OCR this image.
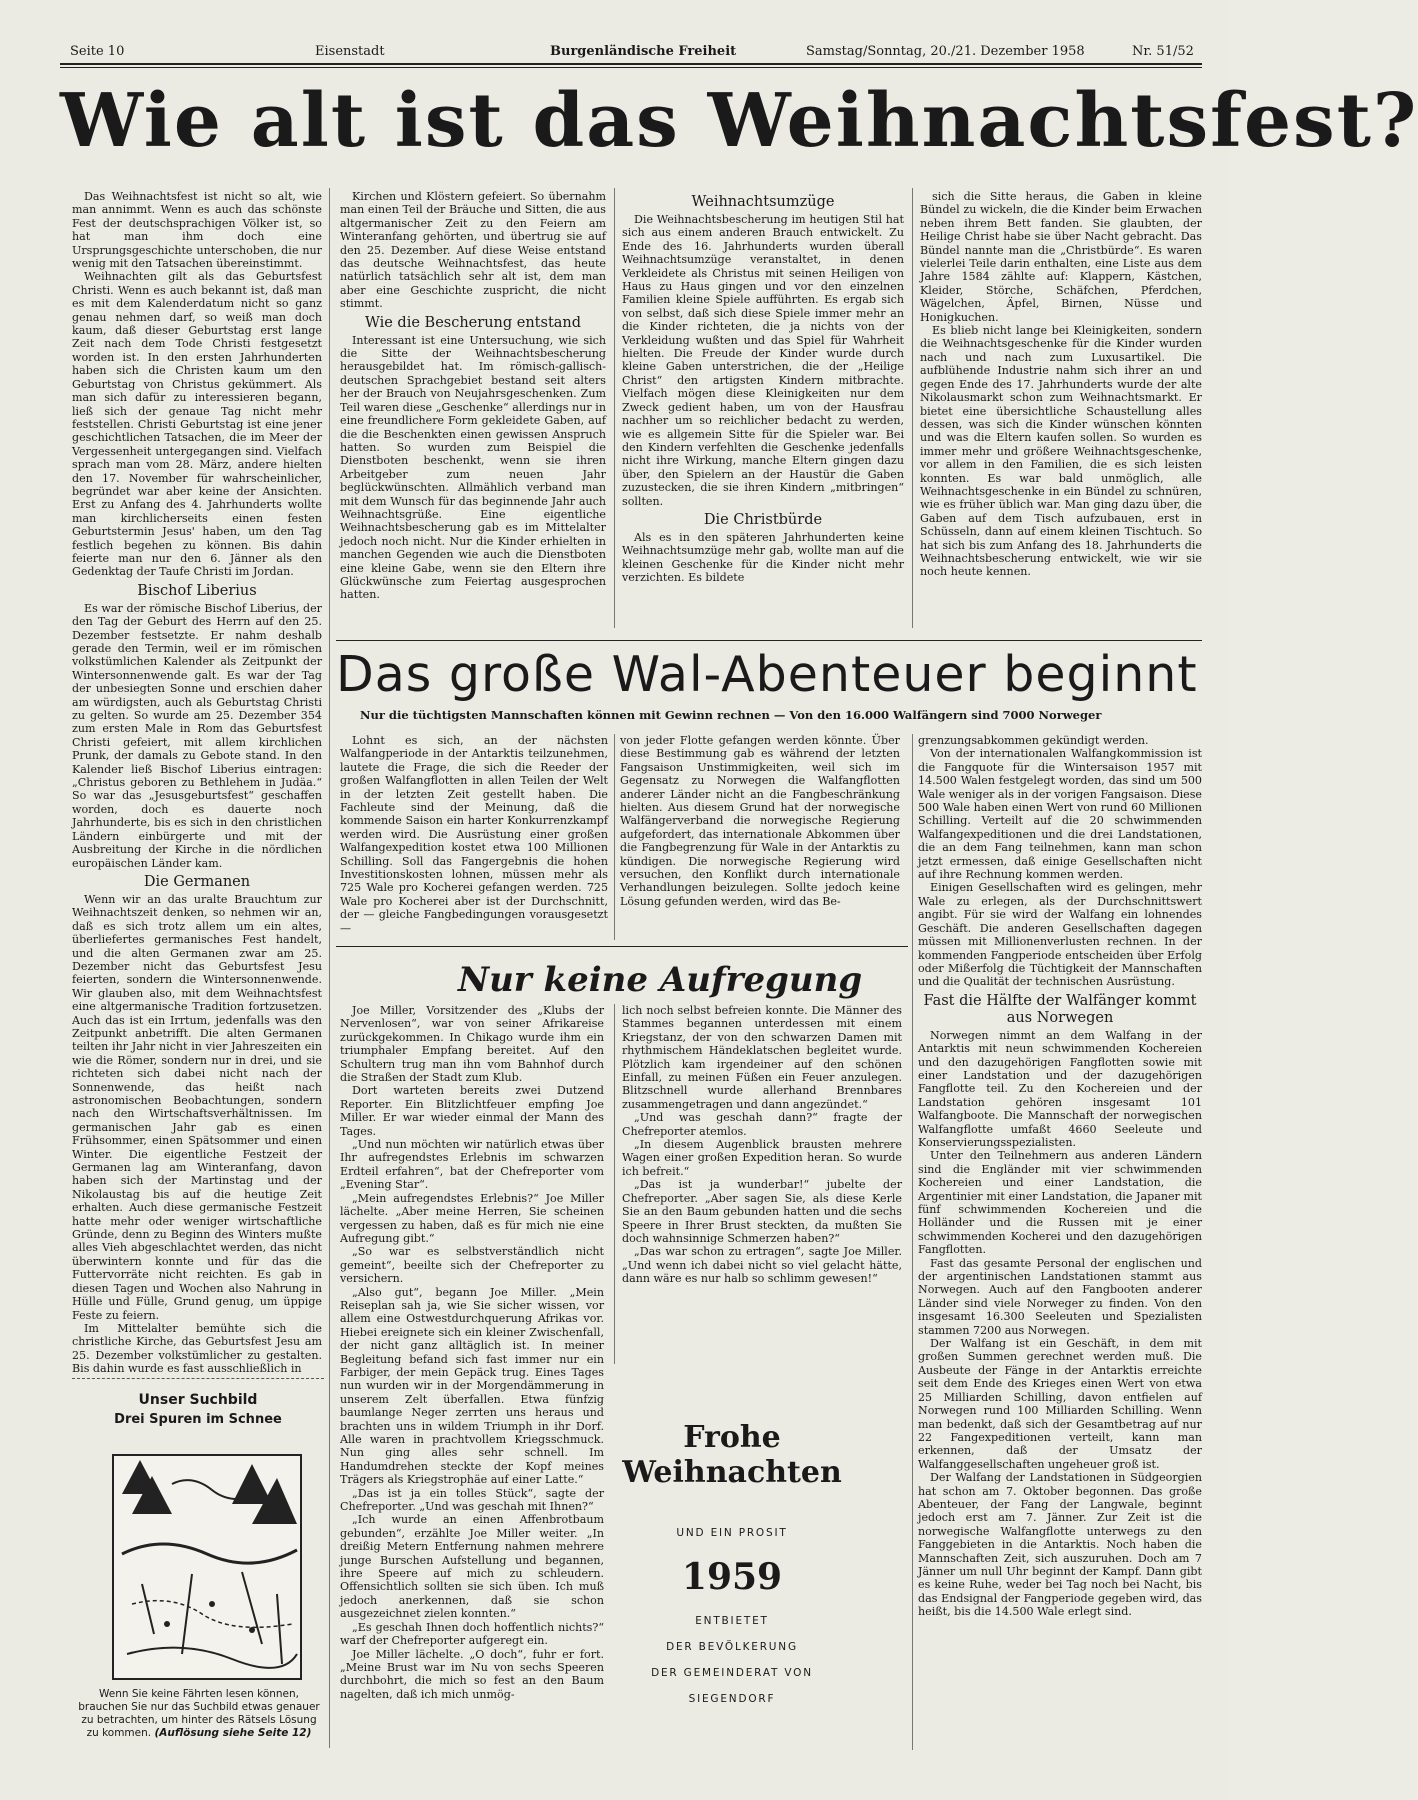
Seite 10	Eisenstadt	Burgenländische Freiheit	Samstag/Sonntag, 20./21. Dezember 1958	Nr. 51/52
Wie alt ist das Weihnachtsfest?

Das Weihnachtsfest ist nicht so alt, wie man annimmt. Wenn es auch das schönste Fest der deutschsprachigen Völker ist, so hat man ihm doch eine Ursprungsgeschichte unterschoben, die nur wenig mit den Tatsachen übereinstimmt.

Weihnachten gilt als das Geburtsfest Christi. Wenn es auch bekannt ist, daß man es mit dem Kalenderdatum nicht so ganz genau nehmen darf, so weiß man doch kaum, daß dieser Geburtstag erst lange Zeit nach dem Tode Christi festgesetzt worden ist. In den ersten Jahrhunderten haben sich die Christen kaum um den Geburtstag von Christus gekümmert. Als man sich dafür zu interessieren begann, ließ sich der genaue Tag nicht mehr feststellen. Christi Geburtstag ist eine jener geschichtlichen Tatsachen, die im Meer der Vergessenheit untergegangen sind. Vielfach sprach man vom 28. März, andere hielten den 17. November für wahrscheinlicher, begründet war aber keine der Ansichten. Erst zu Anfang des 4. Jahrhunderts wollte man kirchlicherseits einen festen Geburtstermin Jesus' haben, um den Tag festlich begehen zu können. Bis dahin feierte man nur den 6. Jänner als den Gedenktag der Taufe Christi im Jordan.

Bischof Liberius

Es war der römische Bischof Liberius, der den Tag der Geburt des Herrn auf den 25. Dezember festsetzte. Er nahm deshalb gerade den Termin, weil er im römischen volkstümlichen Kalender als Zeitpunkt der Wintersonnenwende galt. Es war der Tag der unbesiegten Sonne und erschien daher am würdigsten, auch als Geburtstag Christi zu gelten. So wurde am 25. Dezember 354 zum ersten Male in Rom das Geburtsfest Christi gefeiert, mit allem kirchlichen Prunk, der damals zu Gebote stand. In den Kalender ließ Bischof Liberius eintragen: „Christus geboren zu Bethlehem in Judäa.“ So war das „Jesusgeburtsfest“ geschaffen worden, doch es dauerte noch Jahrhunderte, bis es sich in den christlichen Ländern einbürgerte und mit der Ausbreitung der Kirche in die nördlichen europäischen Länder kam.

Die Germanen

Wenn wir an das uralte Brauchtum zur Weihnachtszeit denken, so nehmen wir an, daß es sich trotz allem um ein altes, überliefertes germanisches Fest handelt, und die alten Germanen zwar am 25. Dezember nicht das Geburtsfest Jesu feierten, sondern die Wintersonnenwende. Wir glauben also, mit dem Weihnachtsfest eine altgermanische Tradition fortzusetzen. Auch das ist ein Irrtum, jedenfalls was den Zeitpunkt anbetrifft. Die alten Germanen teilten ihr Jahr nicht in vier Jahreszeiten ein wie die Römer, sondern nur in drei, und sie richteten sich dabei nicht nach der Sonnenwende, das heißt nach astronomischen Beobachtungen, sondern nach den Wirtschaftsverhältnissen. Im germanischen Jahr gab es einen Frühsommer, einen Spätsommer und einen Winter. Die eigentliche Festzeit der Germanen lag am Winteranfang, davon haben sich der Martinstag und der Nikolaustag bis auf die heutige Zeit erhalten. Auch diese germanische Festzeit hatte mehr oder weniger wirtschaftliche Gründe, denn zu Beginn des Winters mußte alles Vieh abgeschlachtet werden, das nicht überwintern konnte und für das die Futtervorräte nicht reichten. Es gab in diesen Tagen und Wochen also Nahrung in Hülle und Fülle, Grund genug, um üppige Feste zu feiern.

Im Mittelalter bemühte sich die christliche Kirche, das Geburtsfest Jesu am 25. Dezember volkstümlicher zu gestalten. Bis dahin wurde es fast ausschließlich in

Kirchen und Klöstern gefeiert. So übernahm man einen Teil der Bräuche und Sitten, die aus altgermanischer Zeit zu den Feiern am Winteranfang gehörten, und übertrug sie auf den 25. Dezember. Auf diese Weise entstand das deutsche Weihnachtsfest, das heute natürlich tatsächlich sehr alt ist, dem man aber eine Geschichte zuspricht, die nicht stimmt.

Wie die Bescherung entstand

Interessant ist eine Untersuchung, wie sich die Sitte der Weihnachtsbescherung herausgebildet hat. Im römisch-gallisch-deutschen Sprachgebiet bestand seit alters her der Brauch von Neujahrsgeschenken. Zum Teil waren diese „Geschenke“ allerdings nur in eine freundlichere Form gekleidete Gaben, auf die die Beschenkten einen gewissen Anspruch hatten. So wurden zum Beispiel die Dienstboten beschenkt, wenn sie ihren Arbeitgeber zum neuen Jahr beglückwünschten. Allmählich verband man mit dem Wunsch für das beginnende Jahr auch Weihnachtsgrüße. Eine eigentliche Weihnachtsbescherung gab es im Mittelalter jedoch noch nicht. Nur die Kinder erhielten in manchen Gegenden wie auch die Dienstboten eine kleine Gabe, wenn sie den Eltern ihre Glückwünsche zum Feiertag ausgesprochen hatten.

Weihnachtsumzüge

Die Weihnachtsbescherung im heutigen Stil hat sich aus einem anderen Brauch entwickelt. Zu Ende des 16. Jahrhunderts wurden überall Weihnachtsumzüge veranstaltet, in denen Verkleidete als Christus mit seinen Heiligen von Haus zu Haus gingen und vor den einzelnen Familien kleine Spiele aufführten. Es ergab sich von selbst, daß sich diese Spiele immer mehr an die Kinder richteten, die ja nichts von der Verkleidung wußten und das Spiel für Wahrheit hielten. Die Freude der Kinder wurde durch kleine Gaben unterstrichen, die der „Heilige Christ“ den artigsten Kindern mitbrachte. Vielfach mögen diese Kleinigkeiten nur dem Zweck gedient haben, um von der Hausfrau nachher um so reichlicher bedacht zu werden, wie es allgemein Sitte für die Spieler war. Bei den Kindern verfehlten die Geschenke jedenfalls nicht ihre Wirkung, manche Eltern gingen dazu über, den Spielern an der Haustür die Gaben zuzustecken, die sie ihren Kindern „mitbringen“ sollten.

Die Christbürde

Als es in den späteren Jahrhunderten keine Weihnachtsumzüge mehr gab, wollte man auf die kleinen Geschenke für die Kinder nicht mehr verzichten. Es bildete

sich die Sitte heraus, die Gaben in kleine Bündel zu wickeln, die die Kinder beim Erwachen neben ihrem Bett fanden. Sie glaubten, der Heilige Christ habe sie über Nacht gebracht. Das Bündel nannte man die „Christbürde“. Es waren vielerlei Teile darin enthalten, eine Liste aus dem Jahre 1584 zählte auf: Klappern, Kästchen, Kleider, Störche, Schäfchen, Pferdchen, Wägelchen, Äpfel, Birnen, Nüsse und Honigkuchen.

Es blieb nicht lange bei Kleinigkeiten, sondern die Weihnachtsgeschenke für die Kinder wurden nach und nach zum Luxusartikel. Die aufblühende Industrie nahm sich ihrer an und gegen Ende des 17. Jahrhunderts wurde der alte Nikolausmarkt schon zum Weihnachtsmarkt. Er bietet eine übersichtliche Schaustellung alles dessen, was sich die Kinder wünschen könnten und was die Eltern kaufen sollen. So wurden es immer mehr und größere Weihnachtsgeschenke, vor allem in den Familien, die es sich leisten konnten. Es war bald unmöglich, alle Weihnachtsgeschenke in ein Bündel zu schnüren, wie es früher üblich war. Man ging dazu über, die Gaben auf dem Tisch aufzubauen, erst in Schüsseln, dann auf einem kleinen Tischtuch. So hat sich bis zum Anfang des 18. Jahrhunderts die Weihnachtsbescherung entwickelt, wie wir sie noch heute kennen.

Das große Wal-Abenteuer beginnt
Nur die tüchtigsten Mannschaften können mit Gewinn rechnen — Von den 16.000 Walfängern sind 7000 Norweger

Lohnt es sich, an der nächsten Walfangperiode in der Antarktis teilzunehmen, lautete die Frage, die sich die Reeder der großen Walfangflotten in allen Teilen der Welt in der letzten Zeit gestellt haben. Die Fachleute sind der Meinung, daß die kommende Saison ein harter Konkurrenzkampf werden wird. Die Ausrüstung einer großen Walfangexpedition kostet etwa 100 Millionen Schilling. Soll das Fangergebnis die hohen Investitionskosten lohnen, müssen mehr als 725 Wale pro Kocherei gefangen werden. 725 Wale pro Kocherei aber ist der Durchschnitt, der — gleiche Fangbedingungen vorausgesetzt —

von jeder Flotte gefangen werden könnte. Über diese Bestimmung gab es während der letzten Fangsaison Unstimmigkeiten, weil sich im Gegensatz zu Norwegen die Walfangflotten anderer Länder nicht an die Fangbeschränkung hielten. Aus diesem Grund hat der norwegische Walfängerverband die norwegische Regierung aufgefordert, das internationale Abkommen über die Fangbegrenzung für Wale in der Antarktis zu kündigen. Die norwegische Regierung wird versuchen, den Konflikt durch internationale Verhandlungen beizulegen. Sollte jedoch keine Lösung gefunden werden, wird das Be-

grenzungsabkommen gekündigt werden.

Von der internationalen Walfangkommission ist die Fangquote für die Wintersaison 1957 mit 14.500 Walen festgelegt worden, das sind um 500 Wale weniger als in der vorigen Fangsaison. Diese 500 Wale haben einen Wert von rund 60 Millionen Schilling. Verteilt auf die 20 schwimmenden Walfangexpeditionen und die drei Landstationen, die an dem Fang teilnehmen, kann man schon jetzt ermessen, daß einige Gesellschaften nicht auf ihre Rechnung kommen werden.

Einigen Gesellschaften wird es gelingen, mehr Wale zu erlegen, als der Durchschnittswert angibt. Für sie wird der Walfang ein lohnendes Geschäft. Die anderen Gesellschaften dagegen müssen mit Millionenverlusten rechnen. In der kommenden Fangperiode entscheiden über Erfolg oder Mißerfolg die Tüchtigkeit der Mannschaften und die Qualität der technischen Ausrüstung.

Fast die Hälfte der Walfänger kommt aus Norwegen

Norwegen nimmt an dem Walfang in der Antarktis mit neun schwimmenden Kochereien und den dazugehörigen Fangflotten sowie mit einer Landstation und der dazugehörigen Fangflotte teil. Zu den Kochereien und der Landstation gehören insgesamt 101 Walfangboote. Die Mannschaft der norwegischen Walfangflotte umfaßt 4660 Seeleute und Konservierungsspezialisten.

Unter den Teilnehmern aus anderen Ländern sind die Engländer mit vier schwimmenden Kochereien und einer Landstation, die Argentinier mit einer Landstation, die Japaner mit fünf schwimmenden Kochereien und die Holländer und die Russen mit je einer schwimmenden Kocherei und den dazugehörigen Fangflotten.

Fast das gesamte Personal der englischen und der argentinischen Landstationen stammt aus Norwegen. Auch auf den Fangbooten anderer Länder sind viele Norweger zu finden. Von den insgesamt 16.300 Seeleuten und Spezialisten stammen 7200 aus Norwegen.

Der Walfang ist ein Geschäft, in dem mit großen Summen gerechnet werden muß. Die Ausbeute der Fänge in der Antarktis erreichte seit dem Ende des Krieges einen Wert von etwa 25 Milliarden Schilling, davon entfielen auf Norwegen rund 100 Milliarden Schilling. Wenn man bedenkt, daß sich der Gesamtbetrag auf nur 22 Fangexpeditionen verteilt, kann man erkennen, daß der Umsatz der Walfanggesellschaften ungeheuer groß ist.

Der Walfang der Landstationen in Südgeorgien hat schon am 7. Oktober begonnen. Das große Abenteuer, der Fang der Langwale, beginnt jedoch erst am 7. Jänner. Zur Zeit ist die norwegische Walfangflotte unterwegs zu den Fanggebieten in die Antarktis. Noch haben die Mannschaften Zeit, sich auszuruhen. Doch am 7 Jänner um null Uhr beginnt der Kampf. Dann gibt es keine Ruhe, weder bei Tag noch bei Nacht, bis das Endsignal der Fangperiode gegeben wird, das heißt, bis die 14.500 Wale erlegt sind.

Nur keine Aufregung

Joe Miller, Vorsitzender des „Klubs der Nervenlosen“, war von seiner Afrikareise zurückgekommen. In Chikago wurde ihm ein triumphaler Empfang bereitet. Auf den Schultern trug man ihn vom Bahnhof durch die Straßen der Stadt zum Klub.

Dort warteten bereits zwei Dutzend Reporter. Ein Blitzlichtfeuer empfing Joe Miller. Er war wieder einmal der Mann des Tages.

„Und nun möchten wir natürlich etwas über Ihr aufregendstes Erlebnis im schwarzen Erdteil erfahren“, bat der Chefreporter vom „Evening Star“.

„Mein aufregendstes Erlebnis?“ Joe Miller lächelte. „Aber meine Herren, Sie scheinen vergessen zu haben, daß es für mich nie eine Aufregung gibt.“

„So war es selbstverständlich nicht gemeint“, beeilte sich der Chefreporter zu versichern.

„Also gut“, begann Joe Miller. „Mein Reiseplan sah ja, wie Sie sicher wissen, vor allem eine Ostwestdurchquerung Afrikas vor. Hiebei ereignete sich ein kleiner Zwischenfall, der nicht ganz alltäglich ist. In meiner Begleitung befand sich fast immer nur ein Farbiger, der mein Gepäck trug. Eines Tages nun wurden wir in der Morgendämmerung in unserem Zelt überfallen. Etwa fünfzig baumlange Neger zerrten uns heraus und brachten uns in wildem Triumph in ihr Dorf. Alle waren in prachtvollem Kriegsschmuck. Nun ging alles sehr schnell. Im Handumdrehen steckte der Kopf meines Trägers als Kriegstrophäe auf einer Latte.“

„Das ist ja ein tolles Stück“, sagte der Chefreporter. „Und was geschah mit Ihnen?“

„Ich wurde an einen Affenbrotbaum gebunden“, erzählte Joe Miller weiter. „In dreißig Metern Entfernung nahmen mehrere junge Burschen Aufstellung und begannen, ihre Speere auf mich zu schleudern. Offensichtlich sollten sie sich üben. Ich muß jedoch anerkennen, daß sie schon ausgezeichnet zielen konnten.“

„Es geschah Ihnen doch hoffentlich nichts?“ warf der Chefreporter aufgeregt ein.

Joe Miller lächelte. „O doch“, fuhr er fort. „Meine Brust war im Nu von sechs Speeren durchbohrt, die mich so fest an den Baum nagelten, daß ich mich unmög-

lich noch selbst befreien konnte. Die Männer des Stammes begannen unterdessen mit einem Kriegstanz, der von den schwarzen Damen mit rhythmischem Händeklatschen begleitet wurde. Plötzlich kam irgendeiner auf den schönen Einfall, zu meinen Füßen ein Feuer anzulegen. Blitzschnell wurde allerhand Brennbares zusammengetragen und dann angezündet.“

„Und was geschah dann?“ fragte der Chefreporter atemlos.

„In diesem Augenblick brausten mehrere Wagen einer großen Expedition heran. So wurde ich befreit.“

„Das ist ja wunderbar!“ jubelte der Chefreporter. „Aber sagen Sie, als diese Kerle Sie an den Baum gebunden hatten und die sechs Speere in Ihrer Brust steckten, da mußten Sie doch wahnsinnige Schmerzen haben?“

„Das war schon zu ertragen“, sagte Joe Miller. „Und wenn ich dabei nicht so viel gelacht hätte, dann wäre es nur halb so schlimm gewesen!“

Frohe Weihnachten
UND EIN PROSIT
1959
ENTBIETET
DER BEVÖLKERUNG
DER GEMEINDERAT VON
SIEGENDORF
Unser Suchbild
Drei Spuren im Schnee
Wenn Sie keine Fährten lesen können, brauchen Sie nur das Suchbild etwas genauer zu betrachten, um hinter des Rätsels Lösung zu kommen. (Auflösung siehe Seite 12)
